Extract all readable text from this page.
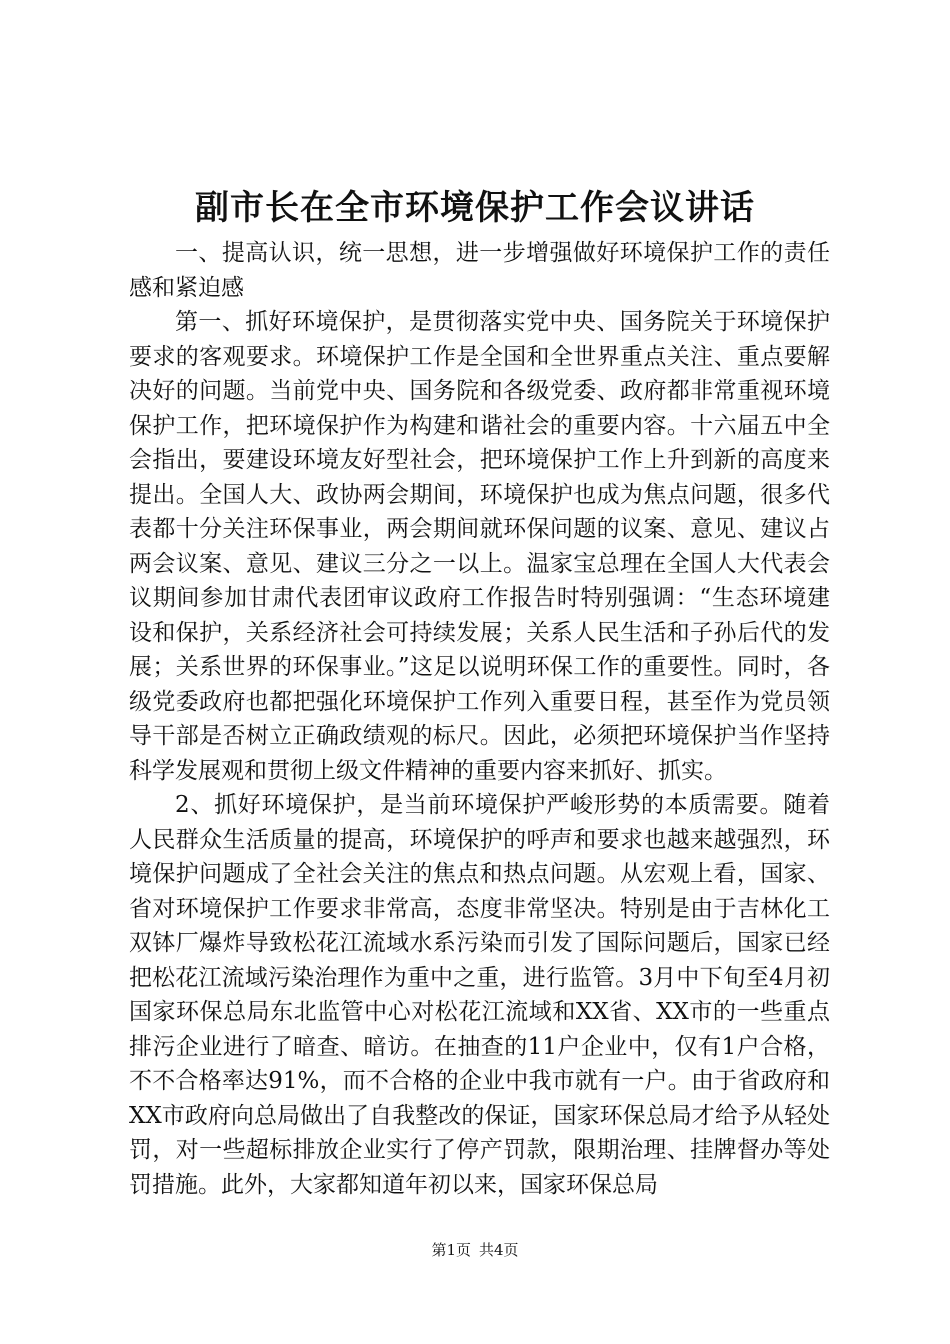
副市长在全市环境保护工作会议讲话

一、提高认识，统一思想，进一步增强做好环境保护工作的责任感和紧迫感

第一、抓好环境保护，是贯彻落实党中央、国务院关于环境保护要求的客观要求。环境保护工作是全国和全世界重点关注、重点要解决好的问题。当前党中央、国务院和各级党委、政府都非常重视环境保护工作，把环境保护作为构建和谐社会的重要内容。十六届五中全会指出，要建设环境友好型社会，把环境保护工作上升到新的高度来提出。全国人大、政协两会期间，环境保护也成为焦点问题，很多代表都十分关注环保事业，两会期间就环保问题的议案、意见、建议占两会议案、意见、建议三分之一以上。温家宝总理在全国人大代表会议期间参加甘肃代表团审议政府工作报告时特别强调：“生态环境建设和保护，关系经济社会可持续发展；关系人民生活和子孙后代的发展；关系世界的环保事业。”这足以说明环保工作的重要性。同时，各级党委政府也都把强化环境保护工作列入重要日程，甚至作为党员领导干部是否树立正确政绩观的标尺。因此，必须把环境保护当作坚持科学发展观和贯彻上级文件精神的重要内容来抓好、抓实。

2、抓好环境保护，是当前环境保护严峻形势的本质需要。随着人民群众生活质量的提高，环境保护的呼声和要求也越来越强烈，环境保护问题成了全社会关注的焦点和热点问题。从宏观上看，国家、省对环境保护工作要求非常高，态度非常坚决。特别是由于吉林化工双钵厂爆炸导致松花江流域水系污染而引发了国际问题后，国家已经把松花江流域污染治理作为重中之重，进行监管。3月中下旬至4月初国家环保总局东北监管中心对松花江流域和XX省、XX市的一些重点排污企业进行了暗查、暗访。在抽查的11户企业中，仅有1户合格，不不合格率达91%，而不合格的企业中我市就有一户。由于省政府和XX市政府向总局做出了自我整改的保证，国家环保总局才给予从轻处罚，对一些超标排放企业实行了停产罚款，限期治理、挂牌督办等处罚措施。此外，大家都知道年初以来，国家环保总局

第1页 共4页
